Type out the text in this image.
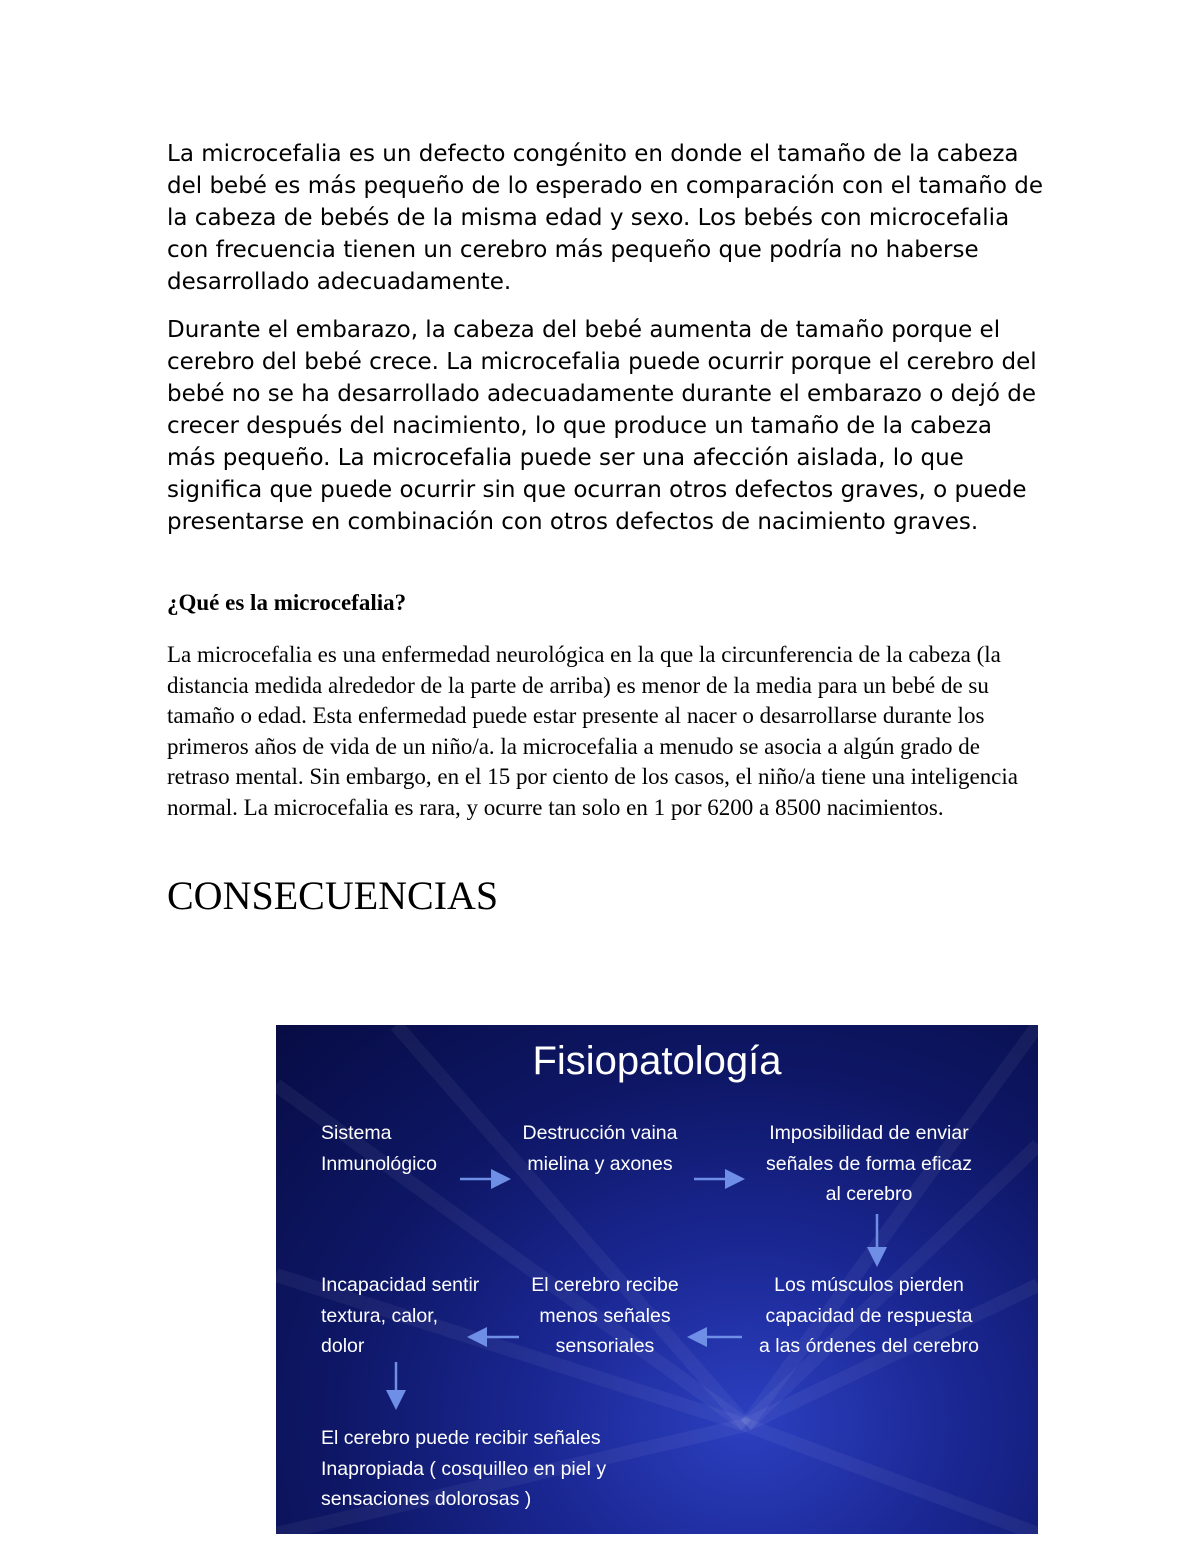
La microcefalia es un defecto congénito en donde el tamaño de la cabeza del bebé es más pequeño de lo esperado en comparación con el tamaño de la cabeza de bebés de la misma edad y sexo. Los bebés con microcefalia con frecuencia tienen un cerebro más pequeño que podría no haberse desarrollado adecuadamente.

Durante el embarazo, la cabeza del bebé aumenta de tamaño porque el cerebro del bebé crece. La microcefalia puede ocurrir porque el cerebro del bebé no se ha desarrollado adecuadamente durante el embarazo o dejó de crecer después del nacimiento, lo que produce un tamaño de la cabeza más pequeño. La microcefalia puede ser una afección aislada, lo que significa que puede ocurrir sin que ocurran otros defectos graves, o puede presentarse en combinación con otros defectos de nacimiento graves.

¿Qué es la microcefalia?

La microcefalia es una enfermedad neurológica en la que la circunferencia de la cabeza (la distancia medida alrededor de la parte de arriba) es menor de la media para un bebé de su tamaño o edad. Esta enfermedad puede estar presente al nacer o desarrollarse durante los primeros años de vida de un niño/a. la microcefalia a menudo se asocia a algún grado de retraso mental. Sin embargo, en el 15 por ciento de los casos, el niño/a tiene una inteligencia normal. La microcefalia es rara, y ocurre tan solo en 1 por 6200 a 8500 nacimientos.

CONSECUENCIAS
Fisiopatología
Sistema
Inmunológico
Destrucción vaina
mielina y axones
Imposibilidad de enviar
señales de forma eficaz
al cerebro
Los músculos pierden
capacidad de respuesta
a las órdenes del cerebro
El cerebro recibe
menos señales
sensoriales
Incapacidad sentir
textura, calor,
dolor
El cerebro puede recibir señales
Inapropiada ( cosquilleo en piel y
sensaciones dolorosas )
